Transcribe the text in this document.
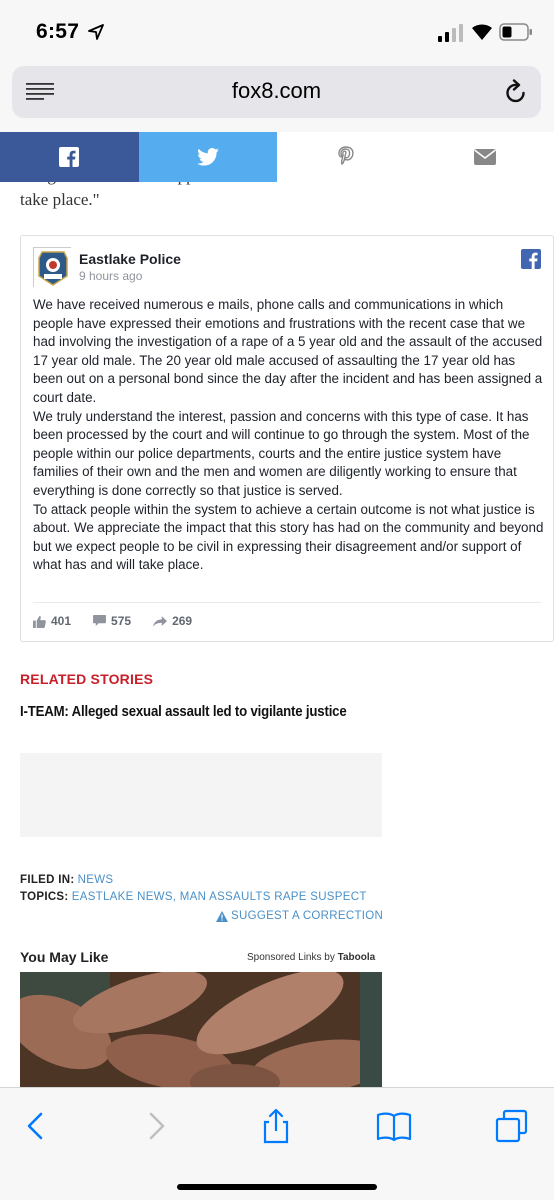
6:57
fox8.com
take place."
Eastlake Police
9 hours ago

We have received numerous e mails, phone calls and communications in which people have expressed their emotions and frustrations with the recent case that we had involving the investigation of a rape of a 5 year old and the assault of the accused 17 year old male. The 20 year old male accused of assaulting the 17 year old has been out on a personal bond since the day after the incident and has been assigned a court date.

We truly understand the interest, passion and concerns with this type of case. It has been processed by the court and will continue to go through the system. Most of the people within our police departments, courts and the entire justice system have families of their own and the men and women are diligently working to ensure that everything is done correctly so that justice is served.

To attack people within the system to achieve a certain outcome is not what justice is about. We appreciate the impact that this story has had on the community and beyond but we expect people to be civil in expressing their disagreement and/or support of what has and will take place.

401	575	269
RELATED STORIES
I-TEAM: Alleged sexual assault led to vigilante justice
FILED IN: NEWS
TOPICS: EASTLAKE NEWS, MAN ASSAULTS RAPE SUSPECT
SUGGEST A CORRECTION
You May Like	Sponsored Links by Taboola
